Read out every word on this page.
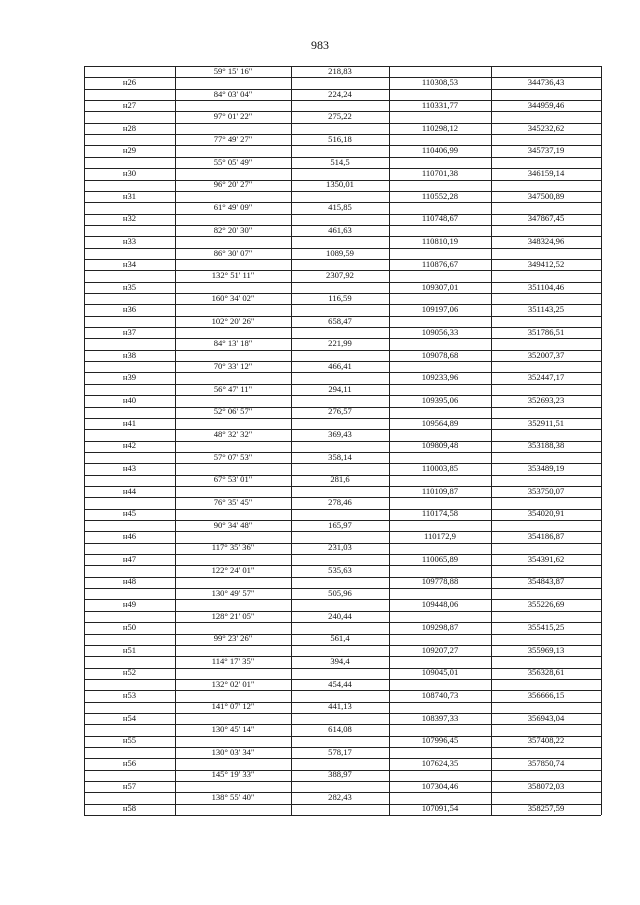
983
59° 15' 16"	218,83
н26	110308,53	344736,43
84° 03' 04"	224,24
н27	110331,77	344959,46
97° 01' 22"	275,22
н28	110298,12	345232,62
77° 49' 27"	516,18
н29	110406,99	345737,19
55° 05' 49"	514,5
н30	110701,38	346159,14
96° 20' 27"	1350,01
н31	110552,28	347500,89
61° 49' 09"	415,85
н32	110748,67	347867,45
82° 20' 30"	461,63
н33	110810,19	348324,96
86° 30' 07"	1089,59
н34	110876,67	349412,52
132° 51' 11"	2307,92
н35	109307,01	351104,46
160° 34' 02"	116,59
н36	109197,06	351143,25
102° 20' 26"	658,47
н37	109056,33	351786,51
84° 13' 18"	221,99
н38	109078,68	352007,37
70° 33' 12"	466,41
н39	109233,96	352447,17
56° 47' 11"	294,11
н40	109395,06	352693,23
52° 06' 57"	276,57
н41	109564,89	352911,51
48° 32' 32"	369,43
н42	109809,48	353188,38
57° 07' 53"	358,14
н43	110003,85	353489,19
67° 53' 01"	281,6
н44	110109,87	353750,07
76° 35' 45"	278,46
н45	110174,58	354020,91
90° 34' 48"	165,97
н46	110172,9	354186,87
117° 35' 36"	231,03
н47	110065,89	354391,62
122° 24' 01"	535,63
н48	109778,88	354843,87
130° 49' 57"	505,96
н49	109448,06	355226,69
128° 21' 05"	240,44
н50	109298,87	355415,25
99° 23' 26"	561,4
н51	109207,27	355969,13
114° 17' 35"	394,4
н52	109045,01	356328,61
132° 02' 01"	454,44
н53	108740,73	356666,15
141° 07' 12"	441,13
н54	108397,33	356943,04
130° 45' 14"	614,08
н55	107996,45	357408,22
130° 03' 34"	578,17
н56	107624,35	357850,74
145° 19' 33"	388,97
н57	107304,46	358072,03
138° 55' 40"	282,43
н58	107091,54	358257,59
